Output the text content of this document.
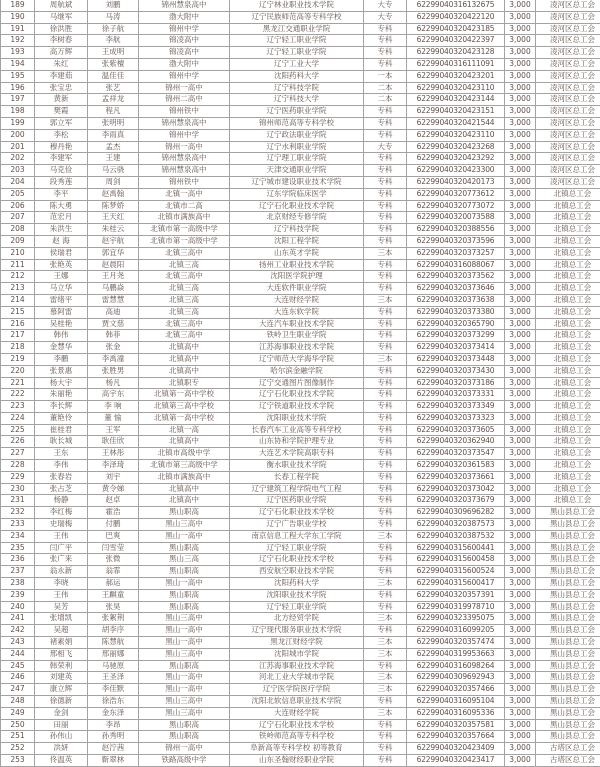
189	周航斌	刘鹏	锦州慧泉高中	辽宁林业职业技术学院	大专	62299040316132675	3,000	凌河区总工会
190	马继军	马涛	渤大附中	辽宁民族师范高等专科学校	大专	62299040320422120	3,000	凌河区总工会
191	徐洪胜	徐子航	锦州中学	黑龙江交通职业学院	专科	62299040320423185	3,000	凌河区总工会
192	李树春	李航	锦凌高中	辽宁轻工职业学院	专科	62299040320422397	3,000	凌河区总工会
193	高万辉	王成明	锦凌高中	辽宁轻工职业学院	专科	62299040320423128	3,000	凌河区总工会
194	朱红	张紫檀	渤大附中	辽宁工业大学	专科	62299040316111091	3,000	凌河区总工会
195	李建茹	温佳佳	锦州中学	沈阳药科大学	一本	62299040320423201	3,000	凌河区总工会
196	张宝忠	张艺	锦州一高中	辽宁科技学院	二本	62299040320423110	3,000	凌河区总工会
197	黄新	孟祥龙	锦州二高中	辽宁科技大学	二本	62299040320423144	3,000	凌河区总工会
198	樊霞	程凡	锦州铁中	辽宁医药职业学院	专科	62299040320423151	3,000	凌河区总工会
199	郭立军	张明明	锦州慧泉高中	锦州师范高等专科学校	专科	62299040320421544	3,000	凌河区总工会
200	李松	李雨真	锦州中学	辽宁政法职业学院	专科	62299040320423110	3,000	凌河区总工会
201	穆丹艳	孟杰	锦州一高中	辽宁水利职业学院	大专	62299040320423268	3,000	凌河区总工会
202	李建军	王建	锦州慧泉高中	辽宁理工职业学院	专科	62299040320423292	3,000	凌河区总工会
203	马克俭	马云骁	锦州慧泉高中	天津交通职业学院	专科	62299040320423300	3,000	凌河区总工会
204	段秀莲	周剑	锦州铁中	辽宁城市建设职业技术学院	专科	62299040320420173	3,000	凌河区总工会
205	李平	赵禹翰	北镇一高中	辽东学院临床医学	专科	62299040320773612	3,000	北镇总工会
206	陈大勇	陈梦娇	北镇市二高	辽宁石化职业技术学院	专科	62299040320773072	3,000	北镇总工会
207	范宏月	王天红	北镇市满族高中	北京财经专修学院	专科	62299040320073588	3,000	北镇总工会
208	朱洪生	朱桂云	北镇市第一高级中学	辽宁科技学院	专科	62299040320388556	3,000	北镇总工会
209	赵 海	赵宇航	北镇市第一高级中学	沈阳工程学院	专科	62299040320373596	3,000	北镇总工会
210	侯瑞君	郭宜华	北镇三高中	山东英才学院	三本	62299040320373257	3,000	北镇总工会
211	张艳英	赵晨阳	北镇三高	扬州工业职业技术学院	专科	62299040316088067	3,000	北镇总工会
212	王娜	王月尧	北镇三高中	沈阳医学院护理	专科	62299040320373562	3,000	北镇总工会
213	马立华	马鹏焱	北镇三高	大连软件职业学院	专科	62299040320373646	3,000	北镇总工会
214	雷绪平	雷慧慧	北镇三高	大连财经学院	三本	62299040320373638	3,000	北镇总工会
215	慕阿雷	高迪	北镇三高	大连东软学院	专科	62299040320373380	3,000	北镇总工会
216	吴桂艳	贾文慈	北镇三高中	大连汽车职业技术学院	专科	62299040320365790	3,000	北镇总工会
217	韩伟	韩菲	北镇三高中	铁岭卫生职业学院	专科	62299040320373299	3,000	北镇总工会
218	金慧华	张金	北镇高中	江苏海事职业技术学院	专科	62299040320373414	3,000	北镇总工会
219	李鹏	李禹潼	北镇高中	辽宁师范大学海华学院	三本	62299040320373448	3,000	北镇总工会
220	张景惠	张胜男	北镇高中	哈尔滨金融学院	专科	62299040320373430	3,000	北镇总工会
221	杨大宇	杨凡	北镇职专	辽宁交通图片图像制作	专科	62299040320373186	3,000	北镇总工会
222	朱丽艳	高宇东	北镇第一高中学校	辽宁石化职业技术学院	专科	62299040320373331	3,000	北镇总工会
223	李长辉	李 响	北镇第三高中学校	辽宁铁道职业技术学院	专科	62299040320373349	3,000	北镇总工会
224	董艳伶	董 愉	北镇第一高中学校	沈阳职业技术学院	专科	62299040320373323	3,000	北镇总工会
225	崔桂君	王军	北镇一高	长春汽车工业高等专科学校	专科	62299040320373605	3,000	北镇总工会
226	耿长城	耿佳欣	北镇高中	山东协和学院护理专业	专科	62299040320362940	3,000	北镇总工会
227	王东	王林彤	北镇市高级中学	大连艺术学院高职专科	专科	62299040320373547	3,000	北镇总工会
228	李伟	李泽琦	北镇市第三高级中学	衡水职业技术学院	专科	62299040320361583	3,000	北镇总工会
229	张春岩	刘宇	北镇市满族高中	长春工程学院	专科	62299040320373661	3,000	北镇总工会
230	张占芝	黄令娣	北镇高中	辽宁建筑工程学院电气工程	专科	62299040320373042	3,000	北镇总工会
231	杨静	赵卓	北镇高中	辽宁医药职业学院	专科	62299040320373679	3,000	北镇总工会
232	李红梅	霍浩	黑山职高	辽宁石化职业技术学校	专科	62299040309696282	3,000	黑山县总工会
233	史瑞梅	付鹏	黑山三高中	辽宁广告职业学校	专科	62299040320387573	3,000	黑山县总工会
234	王伟	巴爽	黑山一高中	南京信息工程大学东工学院	三本	62299040320387532	3,000	黑山县总工会
235	闫广平	闫雪莹	黑山职高	辽宁轻工职业学院	专科	62299040315600441	3,000	黑山县总工会
236	张广来	张微	黑山三高	辽宁石化职业技术学校	专科	62299040315600458	3,000	黑山县总工会
237	翁永新	翁霏	黑山职高	西安航空职业技术学院	专科	62299040315600524	3,000	黑山县总工会
238	李晓	郝运	黑山一高中	沈阳药科大学	三本	62299040315600417	3,000	黑山县总工会
239	王伟	王麒童	黑山职高	沈阳职业技术学院	专科	62299040320357391	3,000	黑山县总工会
240	吴芳	张昊	黑山职高	辽宁轻工职业学院	专科	62299040319978710	3,000	黑山县总工会
241	张增凯	张絮荆	黑山三高中	北方经贸学院	三本	62299040323395075	3,000	黑山县总工会
242	吴超	胡李序	黑山一高中	辽宁现代服务职业技术学院	专科	62299040316099205	3,000	黑山县总工会
243	褚素娟	陈慧航	黑山一高中	黑龙江财经学院	三本	62299040320357474	3,000	黑山县总工会
244	邢相飞	邢丽娜	黑山三高中	沈阳城市学院	三本	62299040319953663	3,000	黑山县总工会
245	韩荣利	马驰原	黑山职高	江苏海事职业技术学院	专科	62299040316098264	3,000	黑山县总工会
246	刘建英	王圣泽	黑山一高中	河北工业大学城市学院	三本	62299040309692943	3,000	黑山县总工会
247	康立辉	李佳默	黑山一高中	辽宁医学院医疗学院	三本	62299040320357466	3,000	黑山县总工会
248	徐德新	徐浩东	黑山三高中	沈阳北软信息职业技术学院	专科	62299040316095104	3,000	黑山县总工会
249	金剑	金东泽	黑山三高中	大连财经学院	三本	62299040316095336	3,000	黑山县总工会
250	田丽	李昂	黑山职高	辽宁石化职业技术学校	专科	62299040320357581	3,000	黑山县总工会
251	孙伟山	孙秀明	黑山职高	铁岭师范高等专科学校	专科	62299040320357664	3,000	黑山县总工会
252	洪妍	赵泞茜	锦州一高中	阜新高等专科学校 初等教育	专科	62299040320423409	3,000	古塔区总工会
253	佟温英	靳翠林	铁路高级中学	山东圣翰财经职业学院	专科	62299040320423417	3,000	古塔区总工会
